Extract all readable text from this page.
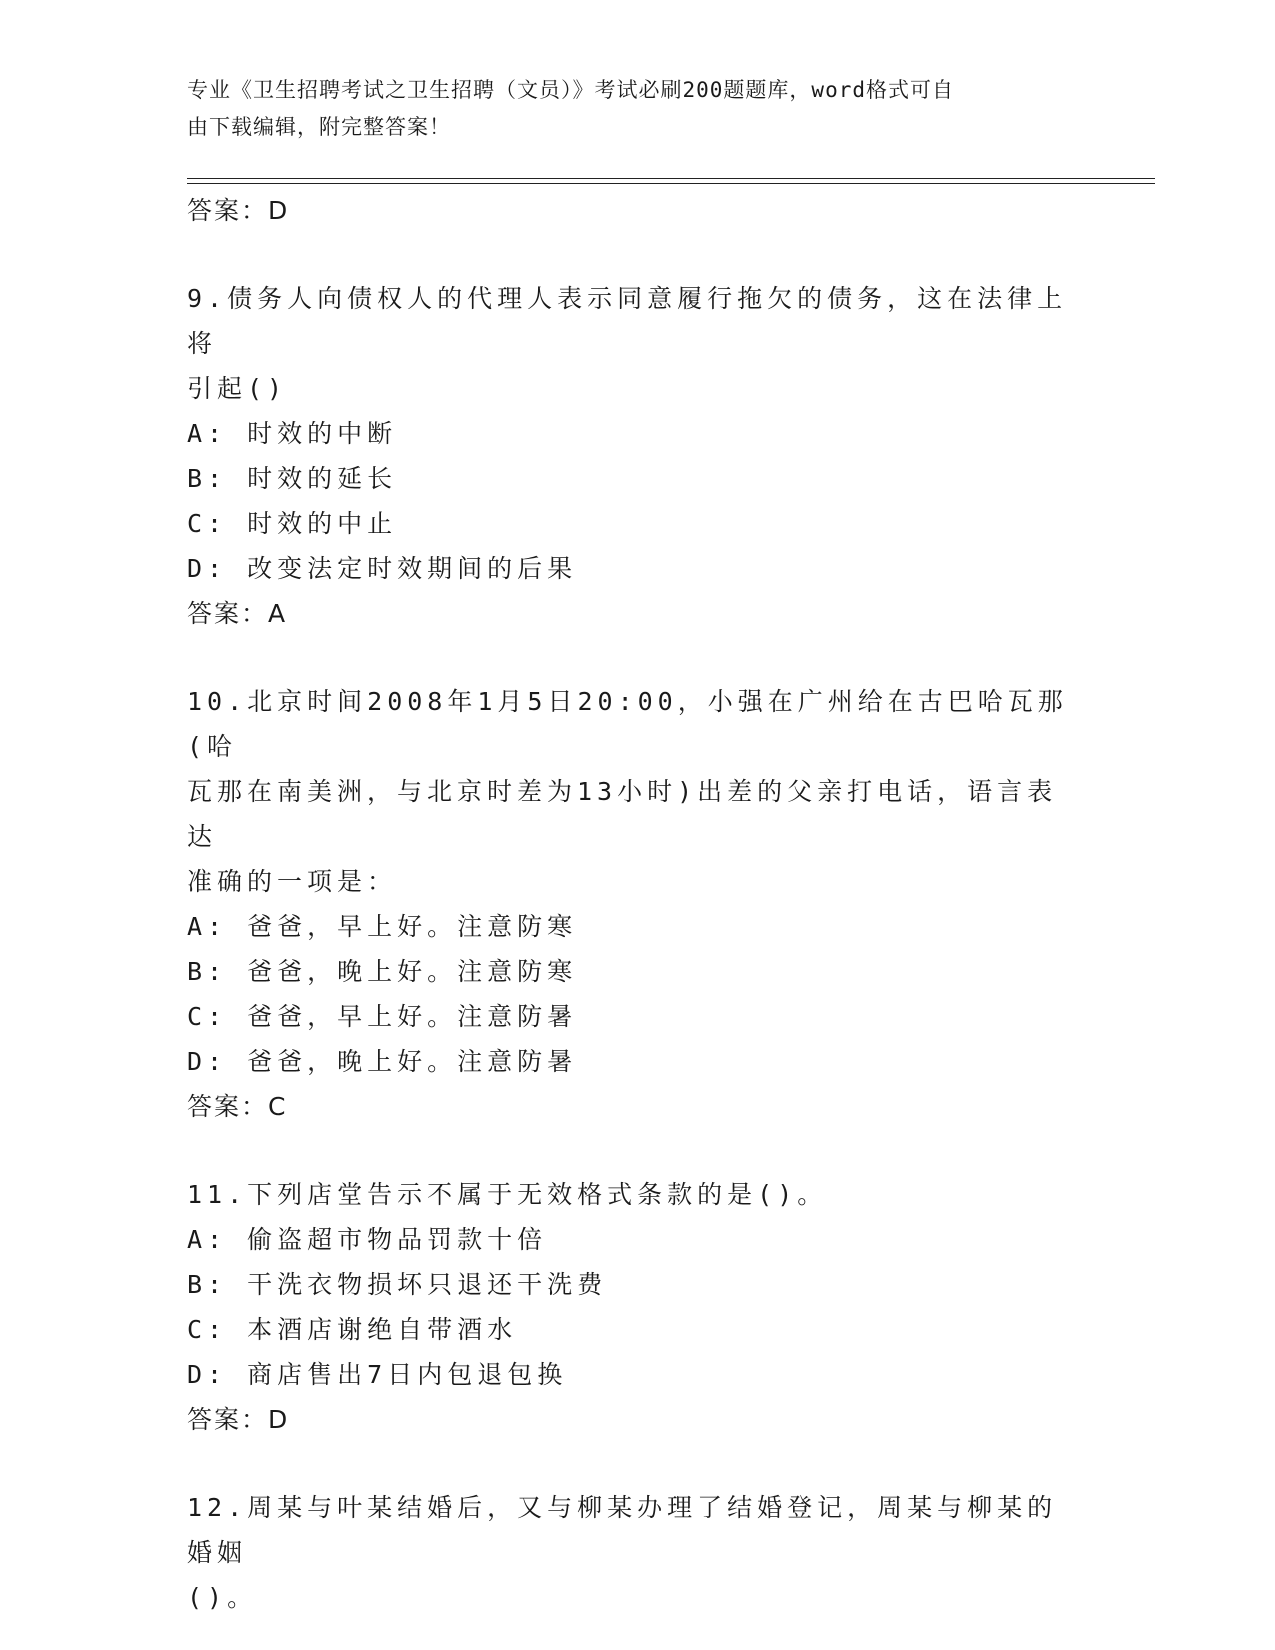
专业《卫生招聘考试之卫生招聘（文员）》考试必刷200题题库，word格式可自
由下载编辑，附完整答案！
答案：D
9.债务人向债权人的代理人表示同意履行拖欠的债务，这在法律上将
引起()
A: 时效的中断
B: 时效的延长
C: 时效的中止
D: 改变法定时效期间的后果
答案：A
10.北京时间2008年1月5日20:00，小强在广州给在古巴哈瓦那(哈
瓦那在南美洲，与北京时差为13小时)出差的父亲打电话，语言表达
准确的一项是：
A: 爸爸，早上好。注意防寒
B: 爸爸，晚上好。注意防寒
C: 爸爸，早上好。注意防暑
D: 爸爸，晚上好。注意防暑
答案：C
11.下列店堂告示不属于无效格式条款的是()。
A: 偷盗超市物品罚款十倍
B: 干洗衣物损坏只退还干洗费
C: 本酒店谢绝自带酒水
D: 商店售出7日内包退包换
答案：D
12.周某与叶某结婚后，又与柳某办理了结婚登记，周某与柳某的婚姻
()。
